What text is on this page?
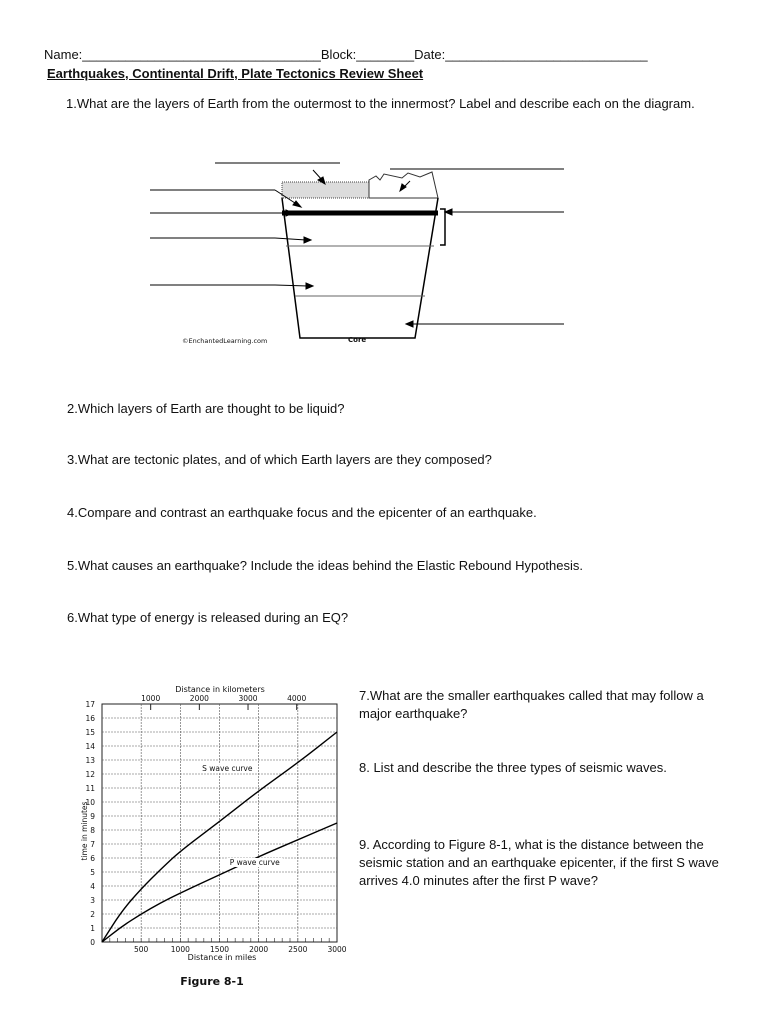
Name:_________________________________Block:________Date:____________________________
Earthquakes, Continental Drift, Plate Tectonics Review Sheet
1.What are the layers of Earth from the outermost to the innermost? Label and describe each on the diagram.
©EnchantedLearning.com	Core
2.Which layers of Earth are thought to be liquid?
3.What are tectonic plates, and of which Earth layers are they composed?
4.Compare and contrast an earthquake focus and the epicenter of an earthquake.
5.What causes an earthquake? Include the ideas behind the Elastic Rebound Hypothesis.
6.What type of energy is released during an EQ?
7.What are the smaller earthquakes called that may follow a major earthquake?
8. List and describe the three types of seismic waves.
9. According to Figure 8-1, what is the distance between the seismic station and an earthquake epicenter, if the first S wave arrives 4.0 minutes after the first P wave?
Distance in kilometers
0
1
2
3
4
5
6
7
8
9
10
11
12
13
14
15
16
17
500	1000	1500	2000	2500	3000
1000	2000	3000	4000
S wave curve
P wave curve
time in minutes
Distance in miles
Figure 8-1
